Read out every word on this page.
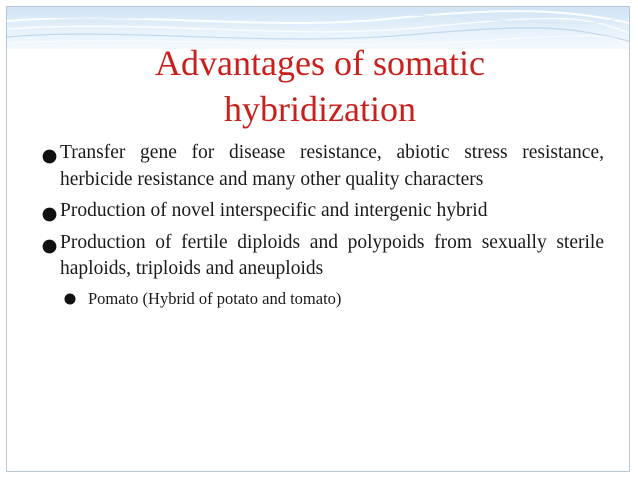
Advantages of somatic
hybridization
Transfer gene for disease resistance, abiotic stress resistance, herbicide resistance and many other quality characters
Production of novel interspecific and intergenic hybrid
Production of fertile diploids and polypoids from sexually sterile haploids, triploids and aneuploids
Pomato (Hybrid of potato and tomato)
